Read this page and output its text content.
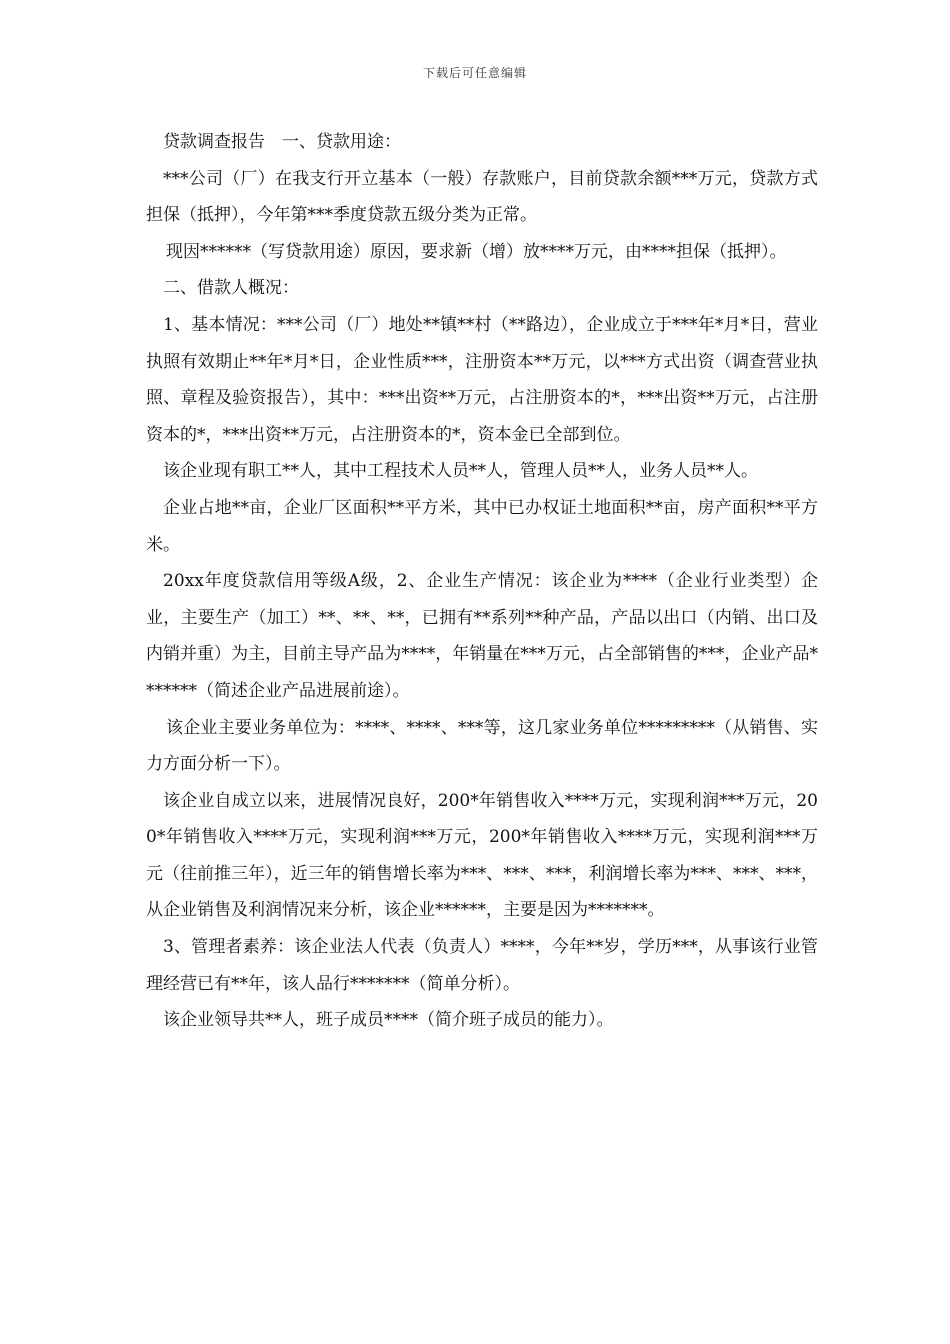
下载后可任意编辑

贷款调查报告　一、贷款用途：

***公司（厂）在我支行开立基本（一般）存款账户，目前贷款余额***万元，贷款方式担保（抵押），今年第***季度贷款五级分类为正常。

现因******（写贷款用途）原因，要求新（增）放****万元，由****担保（抵押）。

二、借款人概况：

1、基本情况：***公司（厂）地处**镇**村（**路边），企业成立于***年*月*日，营业执照有效期止**年*月*日，企业性质***，注册资本**万元，以***方式出资（调查营业执照、章程及验资报告），其中：***出资**万元，占注册资本的*，***出资**万元，占注册资本的*，***出资**万元，占注册资本的*，资本金已全部到位。

该企业现有职工**人，其中工程技术人员**人，管理人员**人，业务人员**人。

企业占地**亩，企业厂区面积**平方米，其中已办权证土地面积**亩，房产面积**平方米。

20xx年度贷款信用等级A级，2、企业生产情况：该企业为****（企业行业类型）企业，主要生产（加工）**、**、**，已拥有**系列**种产品，产品以出口（内销、出口及内销并重）为主，目前主导产品为****，年销量在***万元，占全部销售的***，企业产品*******（简述企业产品进展前途）。

该企业主要业务单位为：****、****、***等，这几家业务单位*********（从销售、实力方面分析一下）。

该企业自成立以来，进展情况良好，200*年销售收入****万元，实现利润***万元，200*年销售收入****万元，实现利润***万元，200*年销售收入****万元，实现利润***万元（往前推三年），近三年的销售增长率为***、***、***，利润增长率为***、***、***，从企业销售及利润情况来分析，该企业******，主要是因为*******。

3、管理者素养：该企业法人代表（负责人）****，今年**岁，学历***，从事该行业管理经营已有**年，该人品行*******（简单分析）。

该企业领导共**人，班子成员****（简介班子成员的能力）。
